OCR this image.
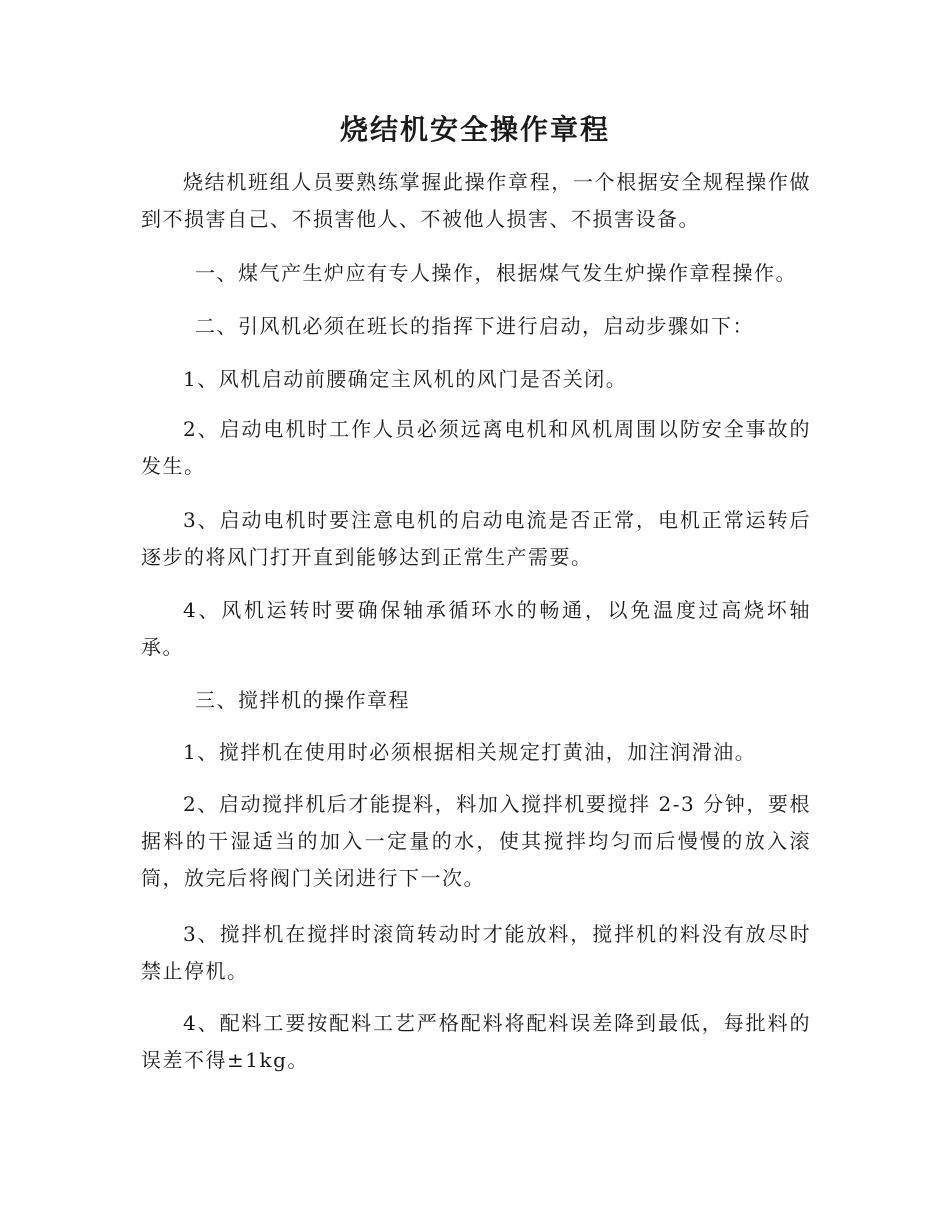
烧结机安全操作章程

烧结机班组人员要熟练掌握此操作章程，一个根据安全规程操作做到不损害自己、不损害他人、不被他人损害、不损害设备。

一、煤气产生炉应有专人操作，根据煤气发生炉操作章程操作。

二、引风机必须在班长的指挥下进行启动，启动步骤如下：

1、风机启动前腰确定主风机的风门是否关闭。

2、启动电机时工作人员必须远离电机和风机周围以防安全事故的发生。

3、启动电机时要注意电机的启动电流是否正常，电机正常运转后逐步的将风门打开直到能够达到正常生产需要。

4、风机运转时要确保轴承循环水的畅通，以免温度过高烧坏轴承。

三、搅拌机的操作章程

1、搅拌机在使用时必须根据相关规定打黄油，加注润滑油。

2、启动搅拌机后才能提料，料加入搅拌机要搅拌 2-3 分钟，要根据料的干湿适当的加入一定量的水，使其搅拌均匀而后慢慢的放入滚筒，放完后将阀门关闭进行下一次。

3、搅拌机在搅拌时滚筒转动时才能放料，搅拌机的料没有放尽时禁止停机。

4、配料工要按配料工艺严格配料将配料误差降到最低，每批料的误差不得±1kg。
